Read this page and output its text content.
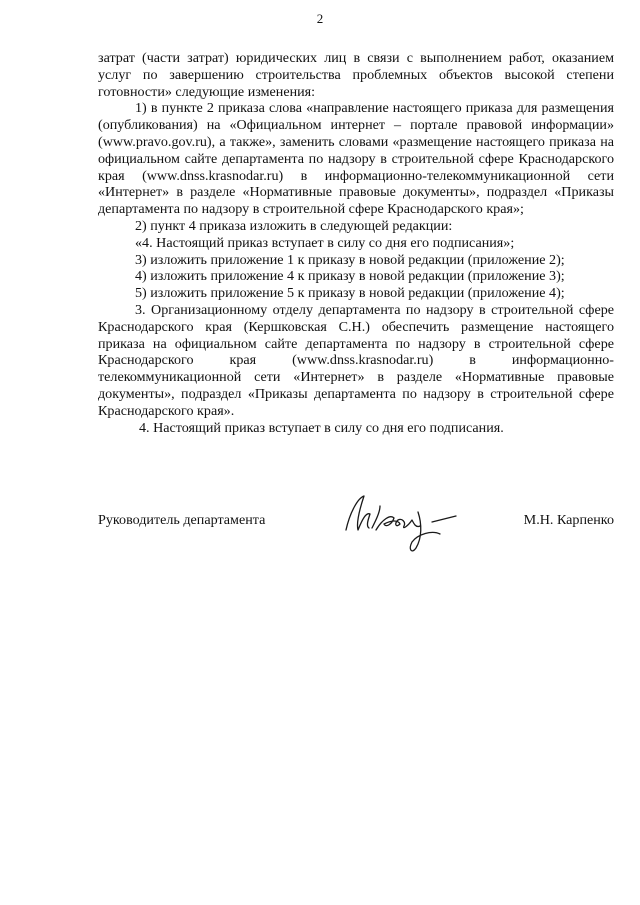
2

затрат (части затрат) юридических лиц в связи с выполнением работ, оказанием услуг по завершению строительства проблемных объектов высокой степени готовности» следующие изменения:

1) в пункте 2 приказа слова «направление настоящего приказа для размещения (опубликования) на «Официальном интернет – портале правовой информации» (www.pravo.gov.ru), а также», заменить словами «размещение настоящего приказа на официальном сайте департамента по надзору в строительной сфере Краснодарского края (www.dnss.krasnodar.ru) в информационно-телекоммуникационной сети «Интернет» в разделе «Нормативные правовые документы», подраздел «Приказы департамента по надзору в строительной сфере Краснодарского края»;

2) пункт 4 приказа изложить в следующей редакции:

«4. Настоящий приказ вступает в силу со дня его подписания»;

3) изложить приложение 1 к приказу в новой редакции (приложение 2);

4) изложить приложение 4 к приказу в новой редакции (приложение 3);

5) изложить приложение 5 к приказу в новой редакции (приложение 4);

3. Организационному отделу департамента по надзору в строительной сфере Краснодарского края (Кершковская С.Н.) обеспечить размещение настоящего приказа на официальном сайте департамента по надзору в строительной сфере Краснодарского края (www.dnss.krasnodar.ru) в информационно-телекоммуникационной сети «Интернет» в разделе «Нормативные правовые документы», подраздел «Приказы департамента по надзору в строительной сфере Краснодарского края».

4. Настоящий приказ вступает в силу со дня его подписания.

Руководитель департамента	М.Н. Карпенко
